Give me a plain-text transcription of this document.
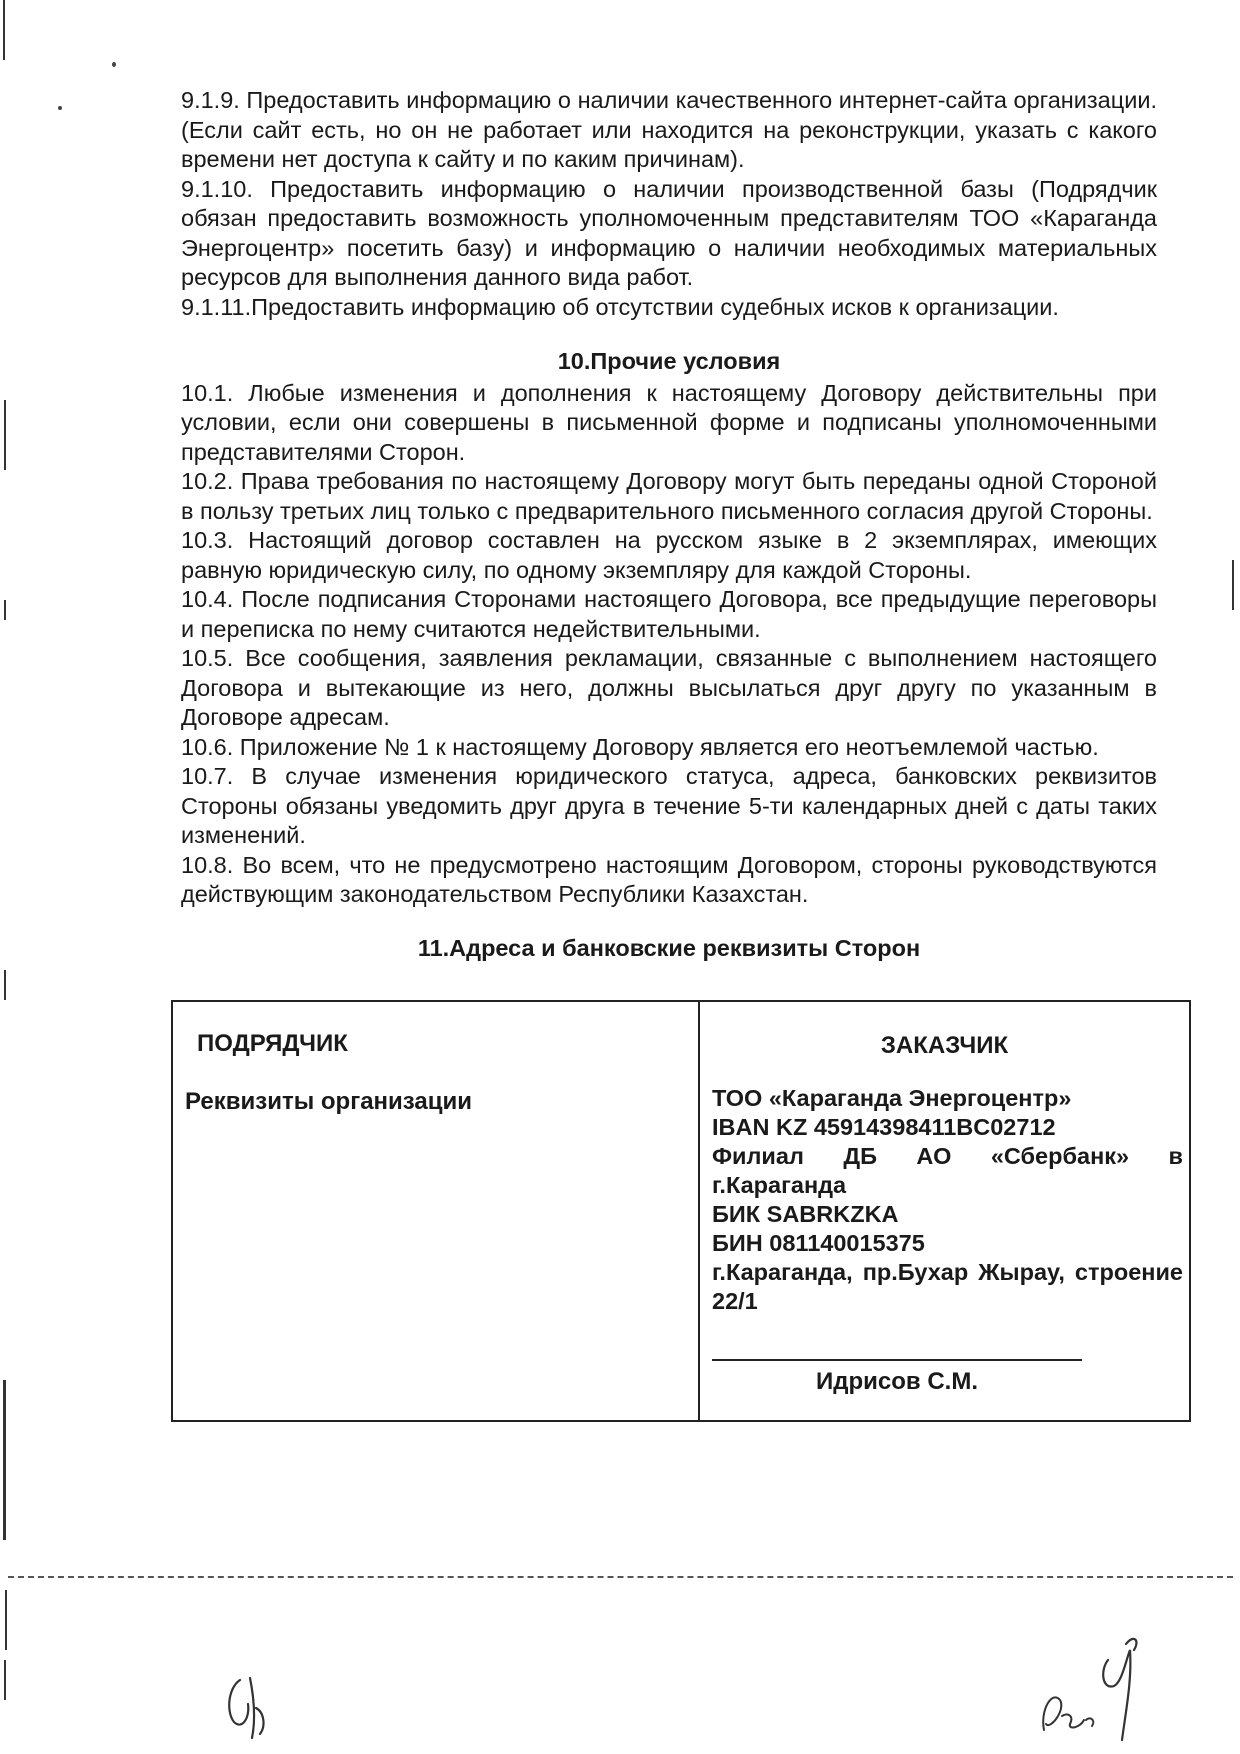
9.1.9. Предоставить информацию о наличии качественного интернет-сайта организации. (Если сайт есть, но он не работает или находится на реконструкции, указать с какого времени нет доступа к сайту и по каким причинам).

9.1.10. Предоставить информацию о наличии производственной базы (Подрядчик обязан предоставить возможность уполномоченным представителям ТОО «Караганда Энергоцентр» посетить базу) и информацию о наличии необходимых материальных ресурсов для выполнения данного вида работ.

9.1.11.Предоставить информацию об отсутствии судебных исков к организации.

10.Прочие условия

10.1. Любые изменения и дополнения к настоящему Договору действительны при условии, если они совершены в письменной форме и подписаны уполномоченными представителями Сторон.

10.2. Права требования по настоящему Договору могут быть переданы одной Стороной в пользу третьих лиц только с предварительного письменного согласия другой Стороны.

10.3. Настоящий договор составлен на русском языке в 2 экземплярах, имеющих равную юридическую силу, по одному экземпляру для каждой Стороны.

10.4. После подписания Сторонами настоящего Договора, все предыдущие переговоры и переписка по нему считаются недействительными.

10.5. Все сообщения, заявления рекламации, связанные с выполнением настоящего Договора и вытекающие из него, должны высылаться друг другу по указанным в Договоре адресам.

10.6. Приложение № 1 к настоящему Договору является его неотъемлемой частью.

10.7. В случае изменения юридического статуса, адреса, банковских реквизитов Стороны обязаны уведомить друг друга в течение 5-ти календарных дней с даты таких изменений.

10.8. Во всем, что не предусмотрено настоящим Договором, стороны руководствуются действующим законодательством Республики Казахстан.

11.Адреса и банковские реквизиты Сторон

ПОДРЯДЧИК
Реквизиты организации
ЗАКАЗЧИК
ТОО «Караганда Энергоцентр»
IBAN KZ 45914398411BC02712
Филиал ДБ АО «Сбербанк» в г.Караганда
БИК SABRKZKA
БИН 081140015375
г.Караганда, пр.Бухар Жырау, строение 22/1
Идрисов С.М.
